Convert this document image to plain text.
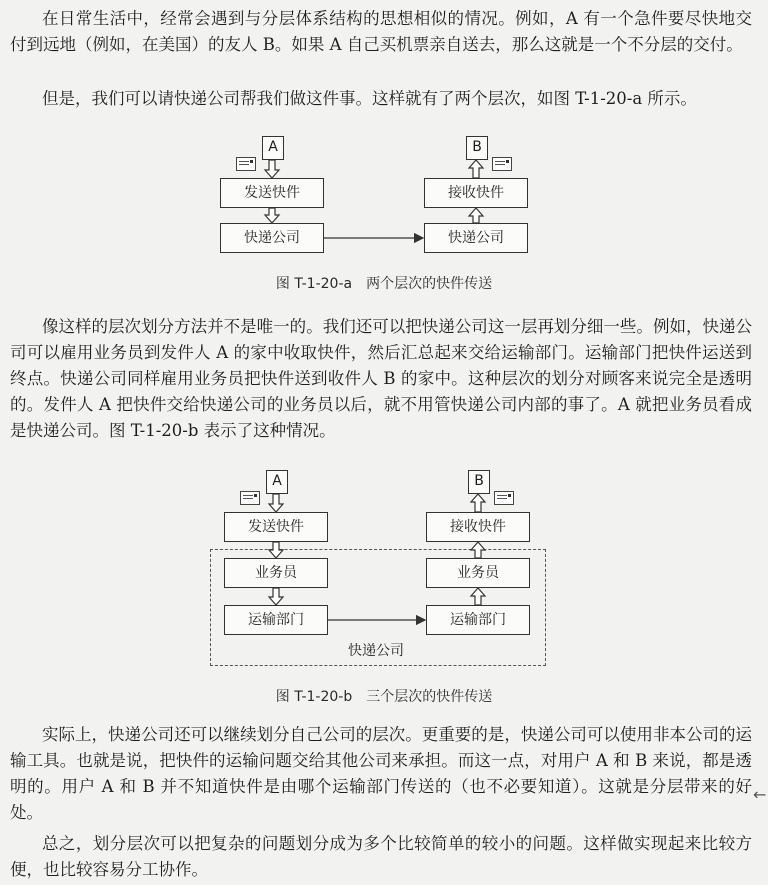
在日常生活中，经常会遇到与分层体系结构的思想相似的情况。例如，A 有一个急件要尽快地交付到远地（例如，在美国）的友人 B。如果 A 自己买机票亲自送去，那么这就是一个不分层的交付。

但是，我们可以请快递公司帮我们做这件事。这样就有了两个层次，如图 T-1-20-a 所示。

A
发送快件
快递公司
B
接收快件
快递公司
图 T-1-20-a　两个层次的快件传送

像这样的层次划分方法并不是唯一的。我们还可以把快递公司这一层再划分细一些。例如，快递公司可以雇用业务员到发件人 A 的家中收取快件，然后汇总起来交给运输部门。运输部门把快件运送到终点。快递公司同样雇用业务员把快件送到收件人 B 的家中。这种层次的划分对顾客来说完全是透明的。发件人 A 把快件交给快递公司的业务员以后，就不用管快递公司内部的事了。A 就把业务员看成是快递公司。图 T-1-20-b 表示了这种情况。

A
发送快件
B
接收快件
业务员	业务员
运输部门	运输部门
快递公司
图 T-1-20-b　三个层次的快件传送

实际上，快递公司还可以继续划分自己公司的层次。更重要的是，快递公司可以使用非本公司的运输工具。也就是说，把快件的运输问题交给其他公司来承担。而这一点，对用户 A 和 B 来说，都是透明的。用户 A 和 B 并不知道快件是由哪个运输部门传送的（也不必要知道）。这就是分层带来的好处。

总之，划分层次可以把复杂的问题划分成为多个比较简单的较小的问题。这样做实现起来比较方便，也比较容易分工协作。

←
